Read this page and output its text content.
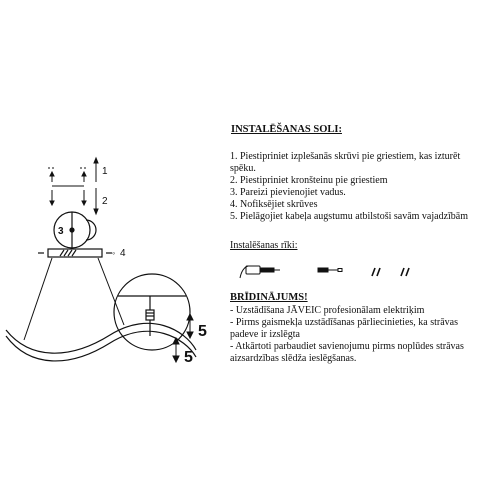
1
2
3
◦ 4
5
5
INSTALĒŠANAS SOLI:
1. Piestipriniet izplešanās skrūvi pie griestiem, kas izturēt
spēku.
2. Piestipriniet kronšteinu pie griestiem
3. Pareizi pievienojiet vadus.
4. Nofiksējiet skrūves
5. Pielāgojiet kabeļa augstumu atbilstoši savām vajadzībām
Instalēšanas rīki:
BRĪDINĀJUMS!
- Uzstādīšana JĀVEIC profesionālam elektriķim
- Pirms gaismekļa uzstādīšanas pārliecinieties, ka strāvas
padeve ir izslēgta
- Atkārtoti parbaudiet savienojumu pirms noplūdes strāvas
aizsardzības slēdža ieslēgšanas.
